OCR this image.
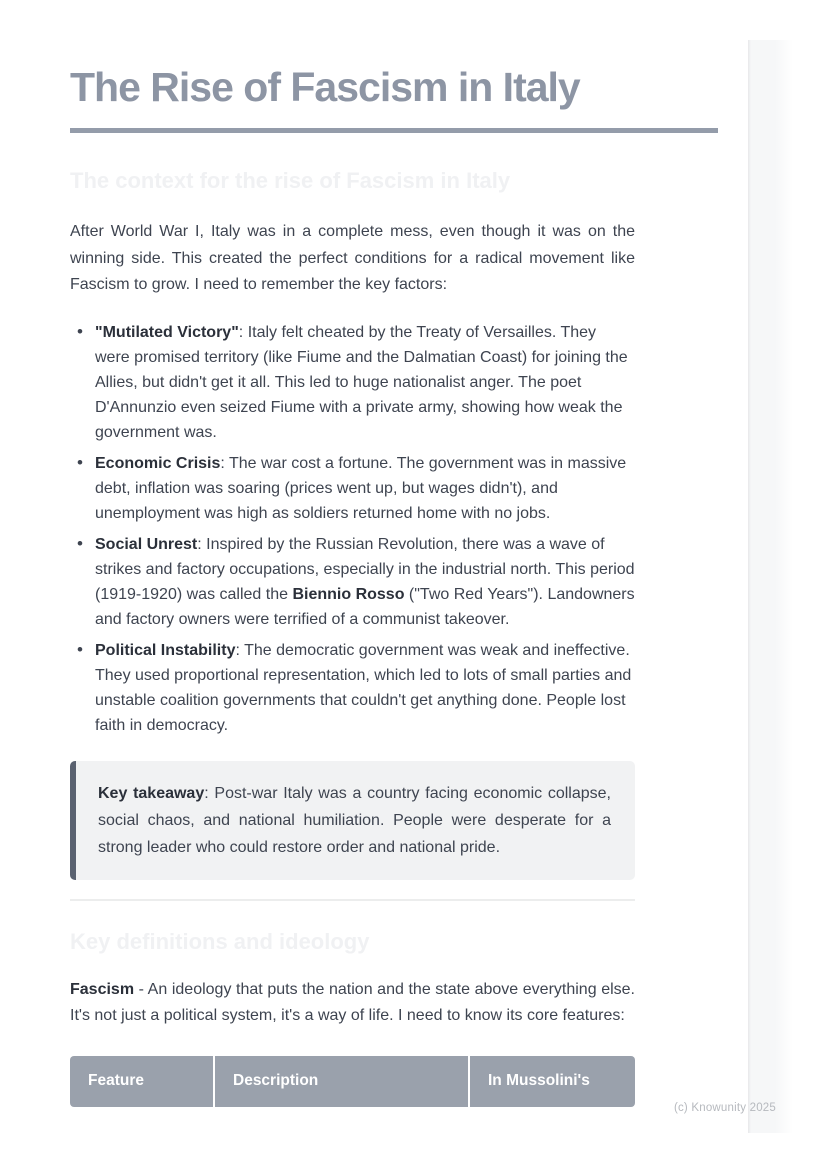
The Rise of Fascism in Italy
The context for the rise of Fascism in Italy

After World War I, Italy was in a complete mess, even though it was on the winning side. This created the perfect conditions for a radical movement like Fascism to grow. I need to remember the key factors:

• "Mutilated Victory": Italy felt cheated by the Treaty of Versailles. They were promised territory (like Fiume and the Dalmatian Coast) for joining the Allies, but didn't get it all. This led to huge nationalist anger. The poet D'Annunzio even seized Fiume with a private army, showing how weak the government was.
• Economic Crisis: The war cost a fortune. The government was in massive debt, inflation was soaring (prices went up, but wages didn't), and unemployment was high as soldiers returned home with no jobs.
• Social Unrest: Inspired by the Russian Revolution, there was a wave of strikes and factory occupations, especially in the industrial north. This period (1919-1920) was called the Biennio Rosso ("Two Red Years"). Landowners and factory owners were terrified of a communist takeover.
• Political Instability: The democratic government was weak and ineffective. They used proportional representation, which led to lots of small parties and unstable coalition governments that couldn't get anything done. People lost faith in democracy.
Key takeaway: Post-war Italy was a country facing economic collapse, social chaos, and national humiliation. People were desperate for a strong leader who could restore order and national pride.
Key definitions and ideology

Fascism - An ideology that puts the nation and the state above everything else. It's not just a political system, it's a way of life. I need to know its core features:

Feature	Description	In Mussolini's
(c) Knowunity 2025
